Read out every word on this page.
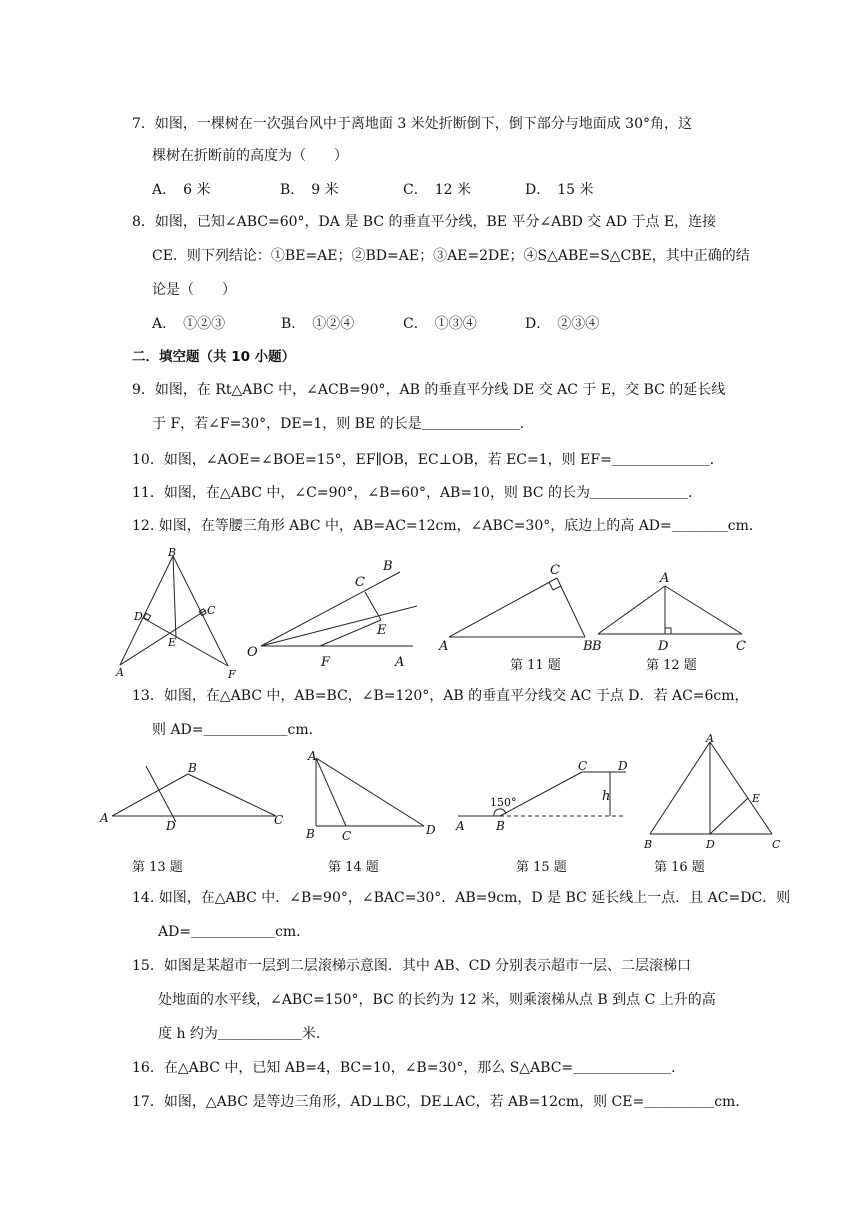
7．如图，一棵树在一次强台风中于离地面 3 米处折断倒下，倒下部分与地面成 30°角，这
棵树在折断前的高度为（　　）
A．　6 米	B．　9 米	C．　12 米	D．　15 米
8．如图，已知∠ABC=60°，DA 是 BC 的垂直平分线，BE 平分∠ABD 交 AD 于点 E，连接
CE．则下列结论：①BE=AE；②BD=AE；③AE=2DE；④S△ABE=S△CBE，其中正确的结
论是（　　）
A．　①②③	B．　①②④	C．　①③④	D．　②③④
二．填空题（共 10 小题）
9．如图，在 Rt△ABC 中，∠ACB=90°，AB 的垂直平分线 DE 交 AC 于 E，交 BC 的延长线
于 F，若∠F=30°，DE=1，则 BE 的长是＿＿＿＿＿＿＿．
10．如图，∠AOE=∠BOE=15°，EF∥OB，EC⊥OB，若 EC=1，则 EF=＿＿＿＿＿＿＿．
11．如图，在△ABC 中，∠C=90°，∠B=60°，AB=10，则 BC 的长为＿＿＿＿＿＿＿．
12. 如图，在等腰三角形 ABC 中，AB=AC=12cm，∠ABC=30°，底边上的高 AD=＿＿＿＿cm．
B
D	C
E
A	F
B
C
E
O
F	A
C
A	B
第 11 题
A
B	D	C
第 12 题
13．如图，在△ABC 中，AB=BC，∠B=120°，AB 的垂直平分线交 AC 于点 D．若 AC=6cm，
则 AD=＿＿＿＿＿＿cm．
B
A
D	C
第 13 题
A
B C	D
第 14 题
C	D
150°	h
A	B
第 15 题
A
E
B	D	C
第 16 题
14. 如图，在△ABC 中．∠B=90°，∠BAC=30°．AB=9cm，D 是 BC 延长线上一点．且 AC=DC．则
AD=＿＿＿＿＿＿cm．
15．如图是某超市一层到二层滚梯示意图．其中 AB、CD 分别表示超市一层、二层滚梯口
处地面的水平线，∠ABC=150°，BC 的长约为 12 米，则乘滚梯从点 B 到点 C 上升的高
度 h 约为＿＿＿＿＿＿米．
16．在△ABC 中，已知 AB=4，BC=10，∠B=30°，那么 S△ABC=＿＿＿＿＿＿＿．
17．如图，△ABC 是等边三角形，AD⊥BC，DE⊥AC，若 AB=12cm，则 CE=＿＿＿＿＿cm．
